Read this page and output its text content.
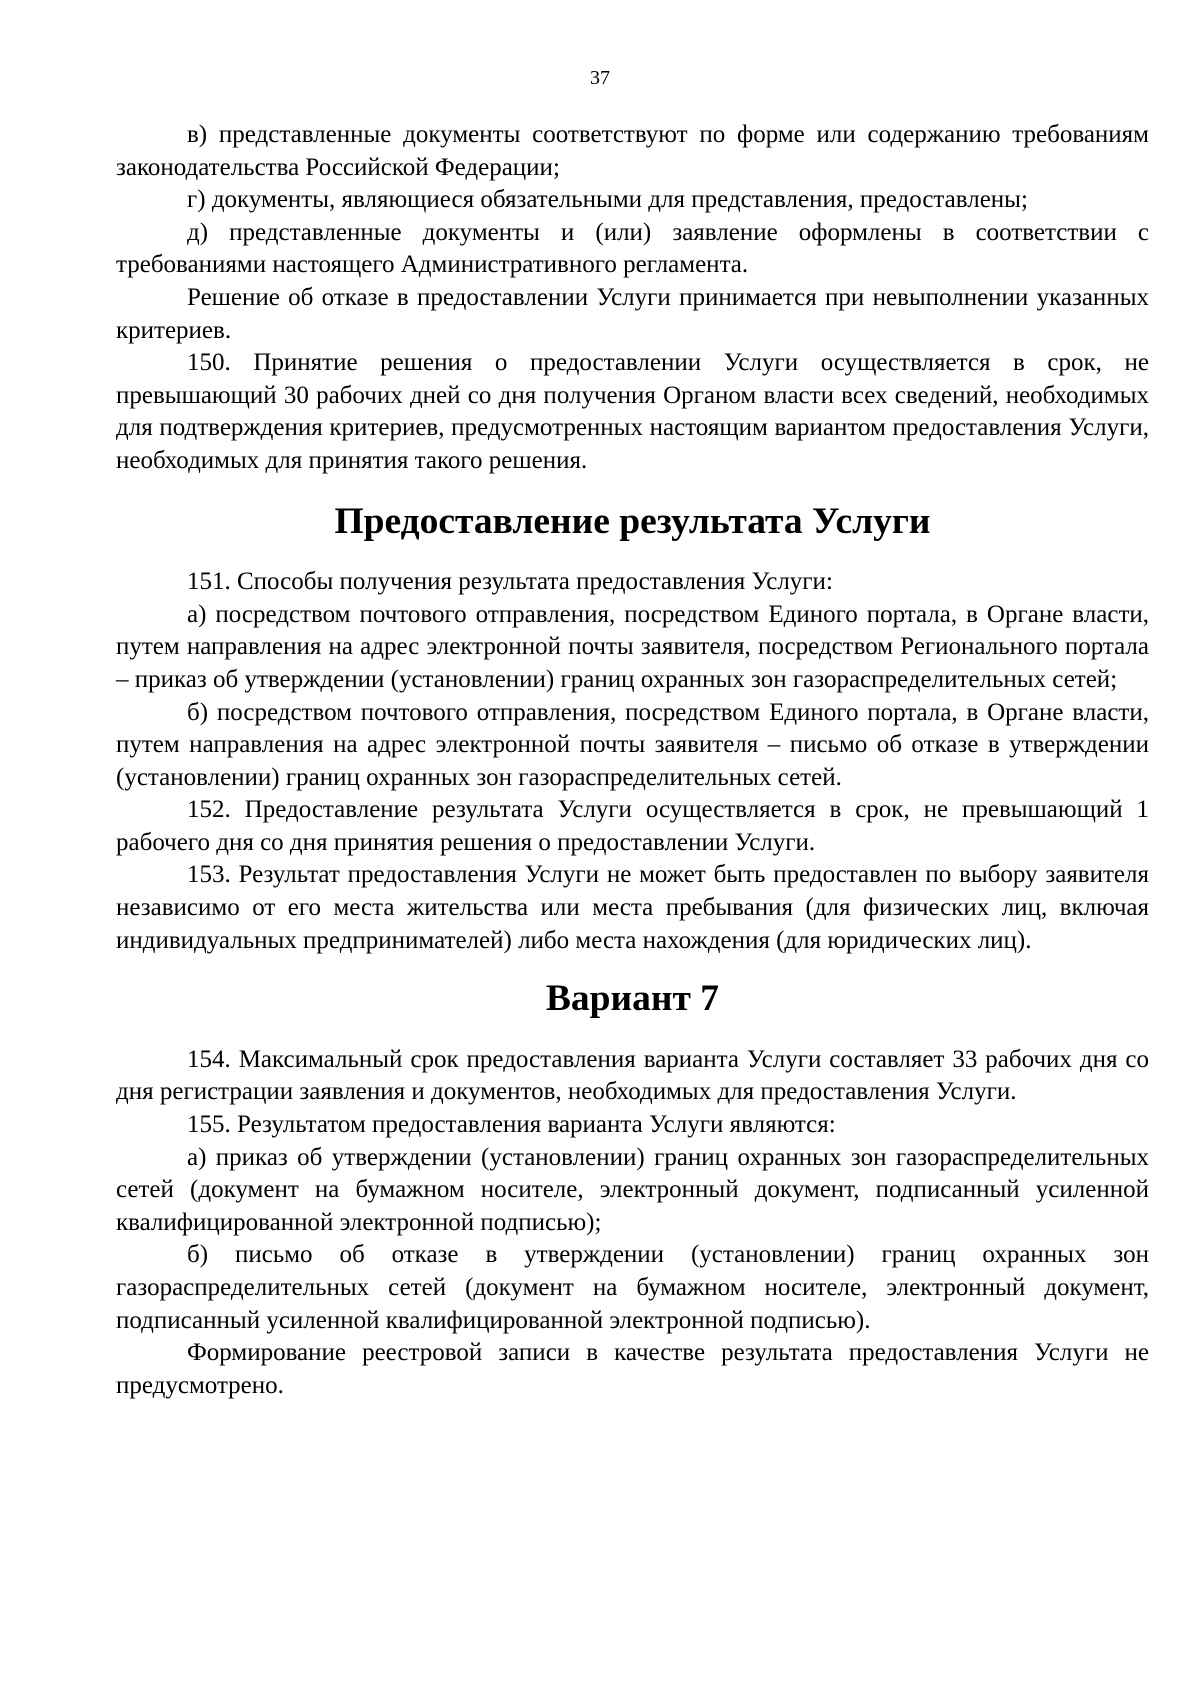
37

в) представленные документы соответствуют по форме или содержанию требованиям законодательства Российской Федерации;

г) документы, являющиеся обязательными для представления, предоставлены;

д) представленные документы и (или) заявление оформлены в соответствии с требованиями настоящего Административного регламента.

Решение об отказе в предоставлении Услуги принимается при невыполнении указанных критериев.

150. Принятие решения о предоставлении Услуги осуществляется в срок, не превышающий 30 рабочих дней со дня получения Органом власти всех сведений, необходимых для подтверждения критериев, предусмотренных настоящим вариантом предоставления Услуги, необходимых для принятия такого решения.

Предоставление результата Услуги

151. Способы получения результата предоставления Услуги:

а) посредством почтового отправления, посредством Единого портала, в Органе власти, путем направления на адрес электронной почты заявителя, посредством Регионального портала – приказ об утверждении (установлении) границ охранных зон газораспределительных сетей;

б) посредством почтового отправления, посредством Единого портала, в Органе власти, путем направления на адрес электронной почты заявителя – письмо об отказе в утверждении (установлении) границ охранных зон газораспределительных сетей.

152. Предоставление результата Услуги осуществляется в срок, не превышающий 1 рабочего дня со дня принятия решения о предоставлении Услуги.

153. Результат предоставления Услуги не может быть предоставлен по выбору заявителя независимо от его места жительства или места пребывания (для физических лиц, включая индивидуальных предпринимателей) либо места нахождения (для юридических лиц).

Вариант 7

154. Максимальный срок предоставления варианта Услуги составляет 33 рабочих дня со дня регистрации заявления и документов, необходимых для предоставления Услуги.

155. Результатом предоставления варианта Услуги являются:

а) приказ об утверждении (установлении) границ охранных зон газораспределительных сетей (документ на бумажном носителе, электронный документ, подписанный усиленной квалифицированной электронной подписью);

б) письмо об отказе в утверждении (установлении) границ охранных зон газораспределительных сетей (документ на бумажном носителе, электронный документ, подписанный усиленной квалифицированной электронной подписью).

Формирование реестровой записи в качестве результата предоставления Услуги не предусмотрено.
